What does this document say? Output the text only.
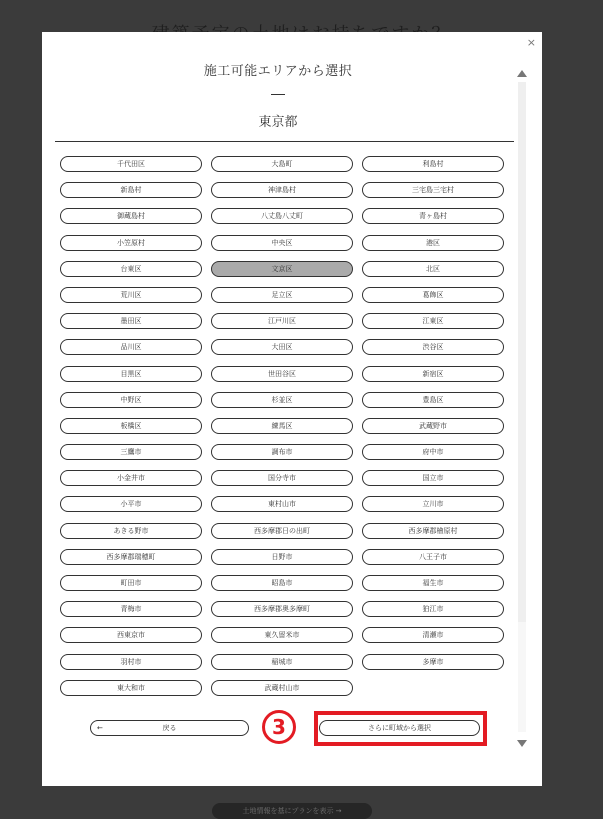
土地情報を基にプランを表示 →
×
施工可能エリアから選択
東京都
千代田区	大島町	利島村
新島村	神津島村	三宅島三宅村
御蔵島村	八丈島八丈町	青ヶ島村
小笠原村	中央区	港区
台東区	文京区	北区
荒川区	足立区	葛飾区
墨田区	江戸川区	江東区
品川区	大田区	渋谷区
目黒区	世田谷区	新宿区
中野区	杉並区	豊島区
板橋区	練馬区	武蔵野市
三鷹市	調布市	府中市
小金井市	国分寺市	国立市
小平市	東村山市	立川市
あきる野市	西多摩郡日の出町	西多摩郡檜原村
西多摩郡瑞穂町	日野市	八王子市
町田市	昭島市	福生市
青梅市	西多摩郡奥多摩町	狛江市
西東京市	東久留米市	清瀬市
羽村市	稲城市	多摩市
東大和市	武蔵村山市
←	戻る	3	さらに町域から選択
